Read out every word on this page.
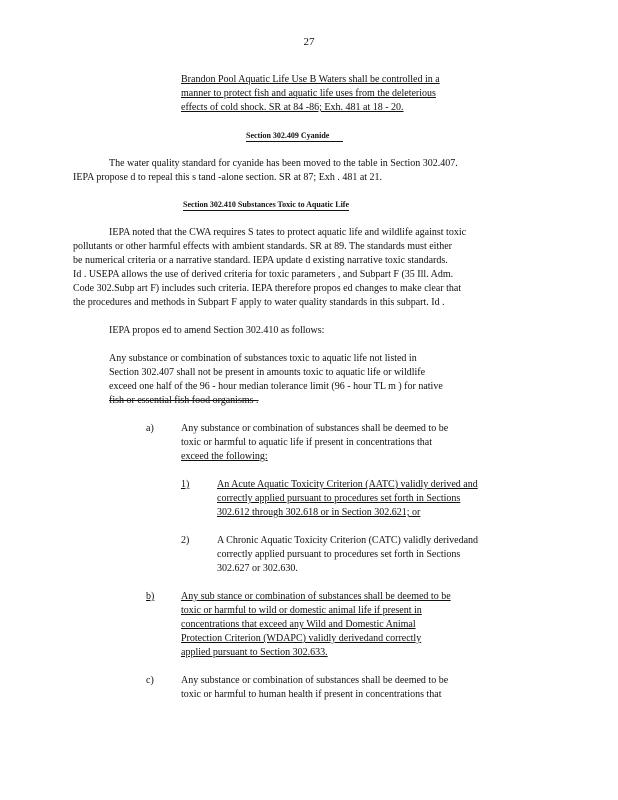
27
Brandon Pool Aquatic Life Use B Waters shall be controlled in a
manner to protect fish and aquatic life uses from the deleterious
effects of cold shock. SR at 84 -86; Exh. 481 at 18 - 20.
Section 302.409 Cyanide
The water quality standard for cyanide has been moved to the table in Section 302.407.
IEPA propose d to repeal this s tand -alone section. SR at 87; Exh . 481 at 21.
Section 302.410 Substances Toxic to Aquatic Life
IEPA noted that the CWA requires S tates to protect aquatic life and wildlife against toxic
pollutants or other harmful effects with ambient standards. SR at 89. The standards must either
be numerical criteria or a narrative standard. IEPA update d existing narrative toxic standards.
Id . USEPA allows the use of derived criteria for toxic parameters , and Subpart F (35 Ill. Adm.
Code 302.Subp art F) includes such criteria. IEPA therefore propos ed changes to make clear that
the procedures and methods in Subpart F apply to water quality standards in this subpart. Id .
IEPA propos ed to amend Section 302.410 as follows:
Any substance or combination of substances toxic to aquatic life not listed in
Section 302.407 shall not be present in amounts toxic to aquatic life or wildlife
exceed one half of the 96 - hour median tolerance limit (96 - hour TL m ) for native
fish or essential fish food organisms .
a)	Any substance or combination of substances shall be deemed to be
toxic or harmful to aquatic life if present in concentrations that
exceed the following:
1)	An Acute Aquatic Toxicity Criterion (AATC) validly derived and
correctly applied pursuant to procedures set forth in Sections
302.612 through 302.618 or in Section 302.621; or
2)	A Chronic Aquatic Toxicity Criterion (CATC) validly derivedand
correctly applied pursuant to procedures set forth in Sections
302.627 or 302.630.
b)	Any sub stance or combination of substances shall be deemed to be
toxic or harmful to wild or domestic animal life if present in
concentrations that exceed any Wild and Domestic Animal
Protection Criterion (WDAPC) validly derivedand correctly
applied pursuant to Section 302.633.
c)	Any substance or combination of substances shall be deemed to be
toxic or harmful to human health if present in concentrations that
